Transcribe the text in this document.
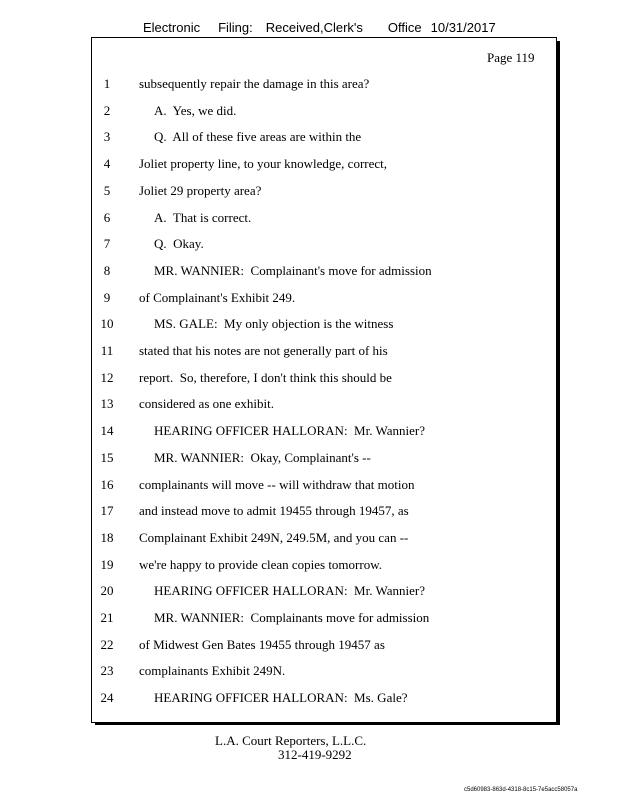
Electronic Filing: Received,Clerk's Office 10/31/2017
Page 119
1	subsequently repair the damage in this area?
2	A.  Yes, we did.
3	Q.  All of these five areas are within the
4	Joliet property line, to your knowledge, correct,
5	Joliet 29 property area?
6	A.  That is correct.
7	Q.  Okay.
8	MR. WANNIER:  Complainant's move for admission
9	of Complainant's Exhibit 249.
10	MS. GALE:  My only objection is the witness
11 stated that his notes are not generally part of his
12 report.  So, therefore, I don't think this should be
13 considered as one exhibit.
14	HEARING OFFICER HALLORAN:  Mr. Wannier?
15	MR. WANNIER:  Okay, Complainant's --
16 complainants will move -- will withdraw that motion
17 and instead move to admit 19455 through 19457, as
18 Complainant Exhibit 249N, 249.5M, and you can --
19 we're happy to provide clean copies tomorrow.
20	HEARING OFFICER HALLORAN:  Mr. Wannier?
21	MR. WANNIER:  Complainants move for admission
22 of Midwest Gen Bates 19455 through 19457 as
23 complainants Exhibit 249N.
24	HEARING OFFICER HALLORAN:  Ms. Gale?
L.A. Court Reporters, L.L.C.
312-419-9292
c5d60983-863d-4318-8c15-7e5acc58057a
